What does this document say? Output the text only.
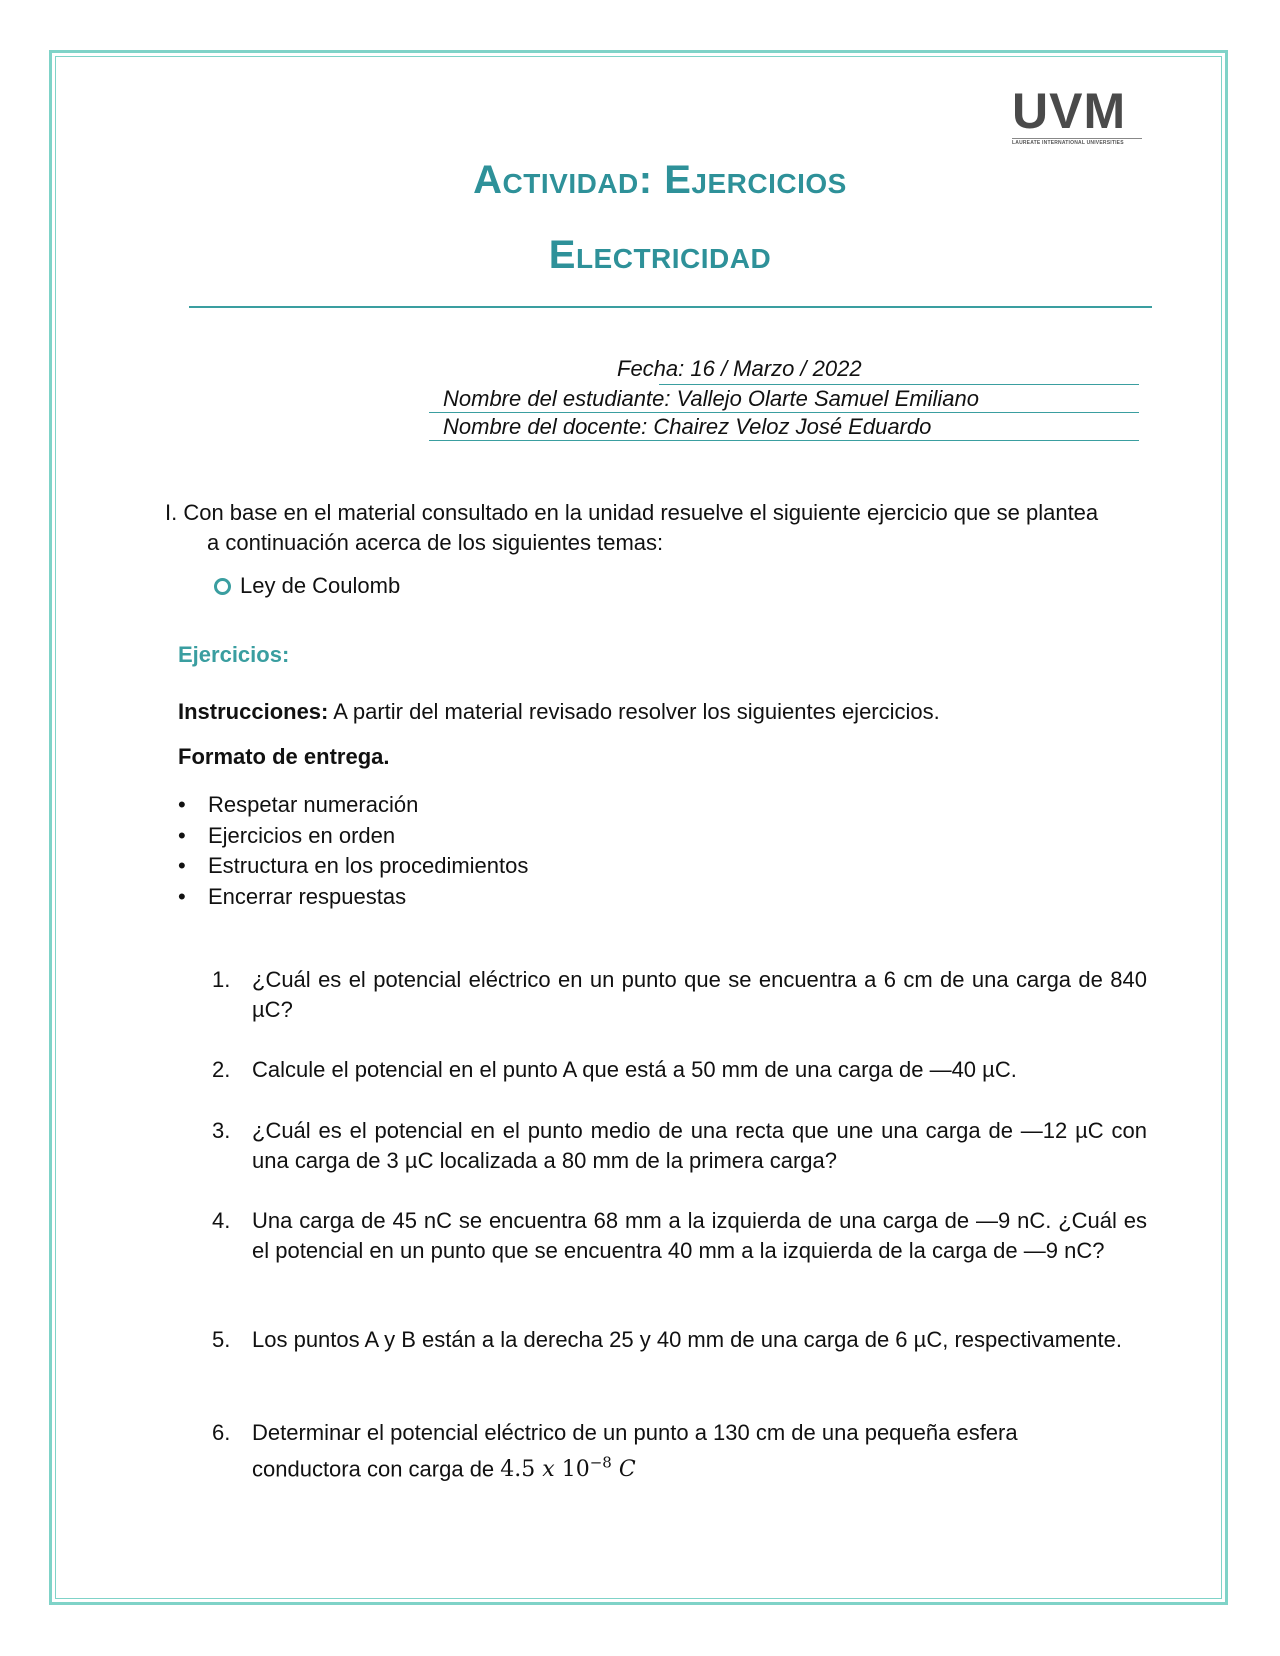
UVM
LAUREATE INTERNATIONAL UNIVERSITIES
Actividad: Ejercicios
Electricidad
Fecha: 16 / Marzo / 2022
Nombre del estudiante: Vallejo Olarte Samuel Emiliano
Nombre del docente: Chairez Veloz José Eduardo
I. Con base en el material consultado en la unidad resuelve el siguiente ejercicio que se plantea
a continuación acerca de los siguientes temas:
Ley de Coulomb
Ejercicios:
Instrucciones: A partir del material revisado resolver los siguientes ejercicios.
Formato de entrega.
•	Respetar numeración
•	Ejercicios en orden
•	Estructura en los procedimientos
•	Encerrar respuestas
1. ¿Cuál es el potencial eléctrico en un punto que se encuentra a 6 cm de una carga de 840 µC?
2. Calcule el potencial en el punto A que está a 50 mm de una carga de —40 µC.
3. ¿Cuál es el potencial en el punto medio de una recta que une una carga de —12 µC con una carga de 3 µC localizada a 80 mm de la primera carga?
4. Una carga de 45 nC se encuentra 68 mm a la izquierda de una carga de —9 nC. ¿Cuál es el potencial en un punto que se encuentra 40 mm a la izquierda de la carga de —9 nC?
5. Los puntos A y B están a la derecha 25 y 40 mm de una carga de 6 µC, respectivamente.
6. Determinar el potencial eléctrico de un punto a 130 cm de una pequeña esfera conductora con carga de 4.5 x $10^{-8}$ C
